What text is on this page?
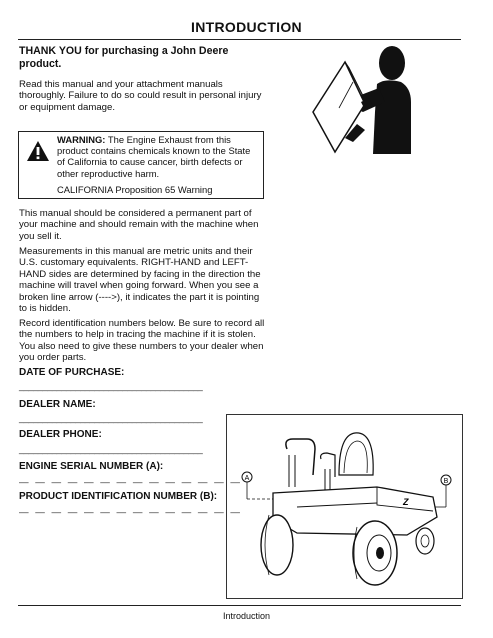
INTRODUCTION
THANK YOU for purchasing a John Deere product.

Read this manual and your attachment manuals thoroughly. Failure to do so could result in personal injury or equipment damage.

WARNING: The Engine Exhaust from this product contains chemicals known to the State of California to cause cancer, birth defects or other reproductive harm.

CALIFORNIA Proposition 65 Warning

This manual should be considered a permanent part of your machine and should remain with the machine when you sell it.

Measurements in this manual are metric units and their U.S. customary equivalents. RIGHT-HAND and LEFT-HAND sides are determined by facing in the direction the machine will travel when going forward. When you see a broken line arrow (---->), it indicates the part it is pointing to is hidden.

Record identification numbers below. Be sure to record all the numbers to help in tracing the machine if it is stolen. You also need to give these numbers to your dealer when you order parts.

DATE OF PURCHASE:
_______________________________________
DEALER NAME:
_______________________________________
DEALER PHONE:
_______________________________________
ENGINE SERIAL NUMBER (A):
— — — — — — — — — — — — — —
PRODUCT IDENTIFICATION NUMBER (B):
— — — — — — — — — — — — — —
A	B
Z
Introduction
